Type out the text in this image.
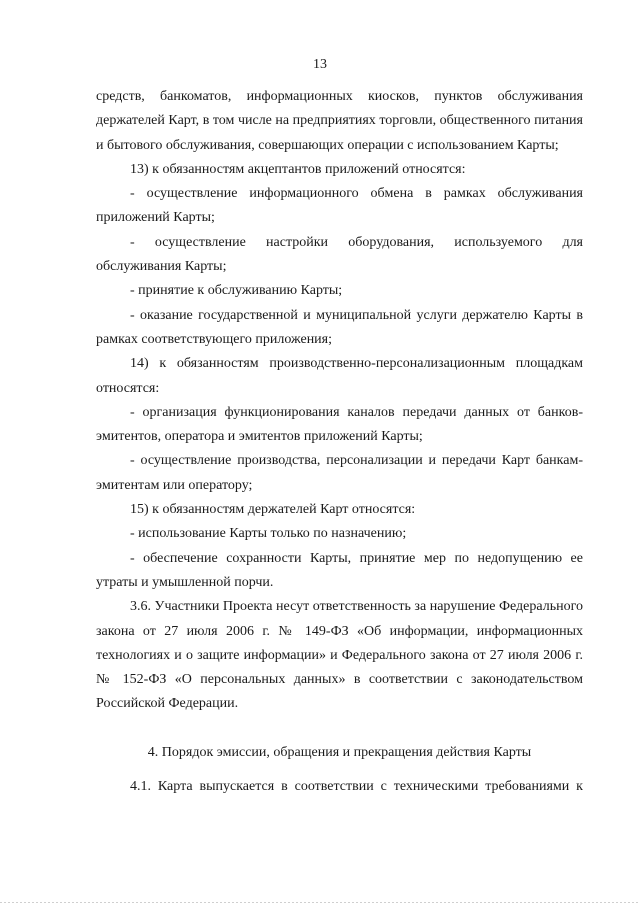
13

средств, банкоматов, информационных киосков, пунктов обслуживания держателей Карт, в том числе на предприятиях торговли, общественного питания и бытового обслуживания, совершающих операции с использованием Карты;

13) к обязанностям акцептантов приложений относятся:

- осуществление информационного обмена в рамках обслуживания приложений Карты;

- осуществление настройки оборудования, используемого для обслуживания Карты;

- принятие к обслуживанию Карты;

- оказание государственной и муниципальной услуги держателю Карты в рамках соответствующего приложения;

14) к обязанностям производственно-персонализационным площадкам относятся:

- организация функционирования каналов передачи данных от банков-эмитентов, оператора и эмитентов приложений Карты;

- осуществление производства, персонализации и передачи Карт банкам-эмитентам или оператору;

15) к обязанностям держателей Карт относятся:

- использование Карты только по назначению;

- обеспечение сохранности Карты, принятие мер по недопущению ее утраты и умышленной порчи.

3.6. Участники Проекта несут ответственность за нарушение Федерального закона от 27 июля 2006 г. № 149-ФЗ «Об информации, информационных технологиях и о защите информации» и Федерального закона от 27 июля 2006 г. № 152-ФЗ «О персональных данных» в соответствии с законодательством Российской Федерации.

4. Порядок эмиссии, обращения и прекращения действия Карты

4.1. Карта выпускается в соответствии с техническими требованиями к
